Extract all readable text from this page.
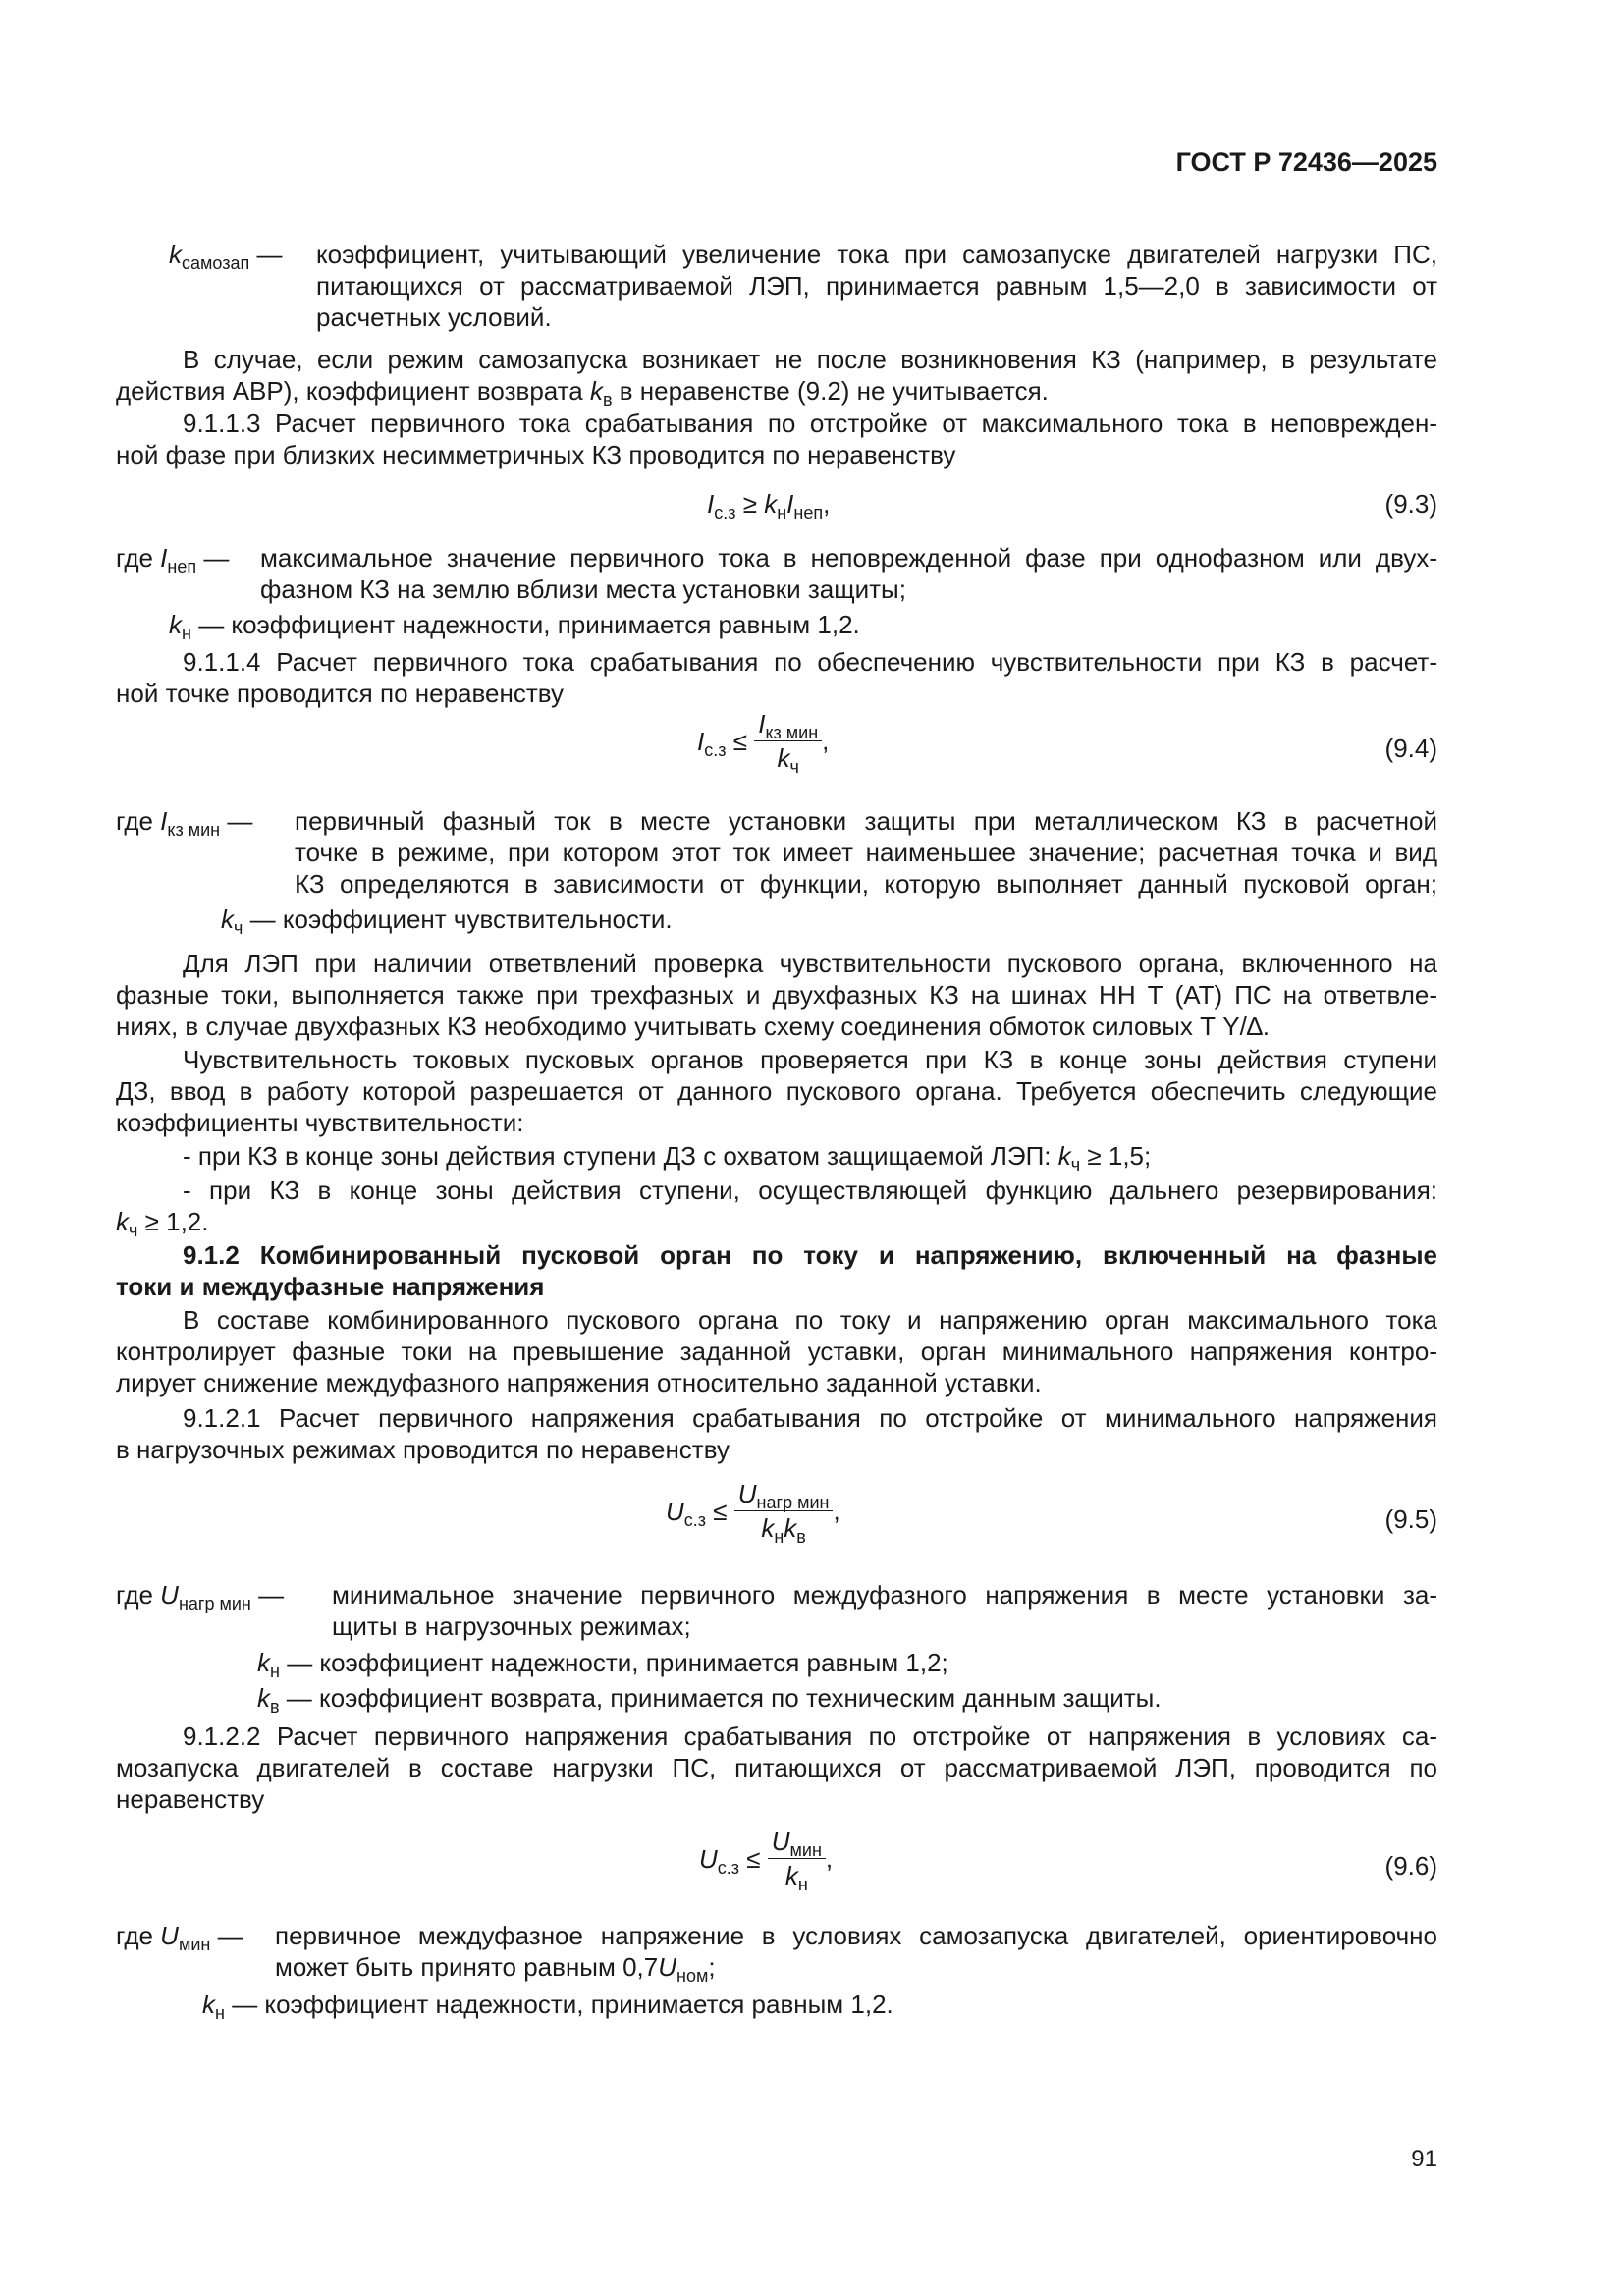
ГОСТ Р 72436—2025
$k_{самозап}$ — коэффициент, учитывающий увеличение тока при самозапуске двигателей нагрузки ПС,
питающихся от рассматриваемой ЛЭП, принимается равным 1,5—2,0 в зависимости от
расчетных условий.
В случае, если режим самозапуска возникает не после возникновения КЗ (например, в результате
действия АВР), коэффициент возврата $k_в$ в неравенстве (9.2) не учитывается.
9.1.1.3 Расчет первичного тока срабатывания по отстройке от максимального тока в неповрежден-
ной фазе при близких несимметричных КЗ проводится по неравенству
$I_{с.з} \ge k_нI_{неп}$,	(9.3)
где $I_{неп}$ — максимальное значение первичного тока в неповрежденной фазе при однофазном или двух-
фазном КЗ на землю вблизи места установки защиты;
$k_н$ — коэффициент надежности, принимается равным 1,2.
9.1.1.4 Расчет первичного тока срабатывания по обеспечению чувствительности при КЗ в расчет-
ной точке проводится по неравенству
$I_{с.з} \le \frac{I_{кз мин}}{k_ч}$ ,	(9.4)
где $I_{кз мин}$ — первичный фазный ток в месте установки защиты при металлическом КЗ в расчетной
точке в режиме, при котором этот ток имеет наименьшее значение; расчетная точка и вид
КЗ определяются в зависимости от функции, которую выполняет данный пусковой орган;
$k_ч$ — коэффициент чувствительности.
Для ЛЭП при наличии ответвлений проверка чувствительности пускового органа, включенного на
фазные токи, выполняется также при трехфазных и двухфазных КЗ на шинах НН Т (АТ) ПС на ответвле-
ниях, в случае двухфазных КЗ необходимо учитывать схему соединения обмоток силовых Т Y/∆.
Чувствительность токовых пусковых органов проверяется при КЗ в конце зоны действия ступени
ДЗ, ввод в работу которой разрешается от данного пускового органа. Требуется обеспечить следующие
коэффициенты чувствительности:
- при КЗ в конце зоны действия ступени ДЗ с охватом защищаемой ЛЭП: $k_ч \ge 1,5$;
- при КЗ в конце зоны действия ступени, осуществляющей функцию дальнего резервирования:
$k_ч \ge 1,2$.
9.1.2 Комбинированный пусковой орган по току и напряжению, включенный на фазные
токи и междуфазные напряжения
В составе комбинированного пускового органа по току и напряжению орган максимального тока
контролирует фазные токи на превышение заданной уставки, орган минимального напряжения контро-
лирует снижение междуфазного напряжения относительно заданной уставки.
9.1.2.1 Расчет первичного напряжения срабатывания по отстройке от минимального напряжения
в нагрузочных режимах проводится по неравенству
$U_{с.з} \le \frac{U_{нагр мин}}{k_нk_в}$ ,	(9.5)
где $U_{нагр мин}$ — минимальное значение первичного междуфазного напряжения в месте установки за-
щиты в нагрузочных режимах;
$k_н$ — коэффициент надежности, принимается равным 1,2;
$k_в$ — коэффициент возврата, принимается по техническим данным защиты.
9.1.2.2 Расчет первичного напряжения срабатывания по отстройке от напряжения в условиях са-
мозапуска двигателей в составе нагрузки ПС, питающихся от рассматриваемой ЛЭП, проводится по
неравенству
$U_{с.з} \le \frac{U_{мин}}{k_н}$ ,	(9.6)
где $U_{мин}$ — первичное междуфазное напряжение в условиях самозапуска двигателей, ориентировочно
может быть принято равным $0,7U_{ном}$;
$k_н$ — коэффициент надежности, принимается равным 1,2.
91
